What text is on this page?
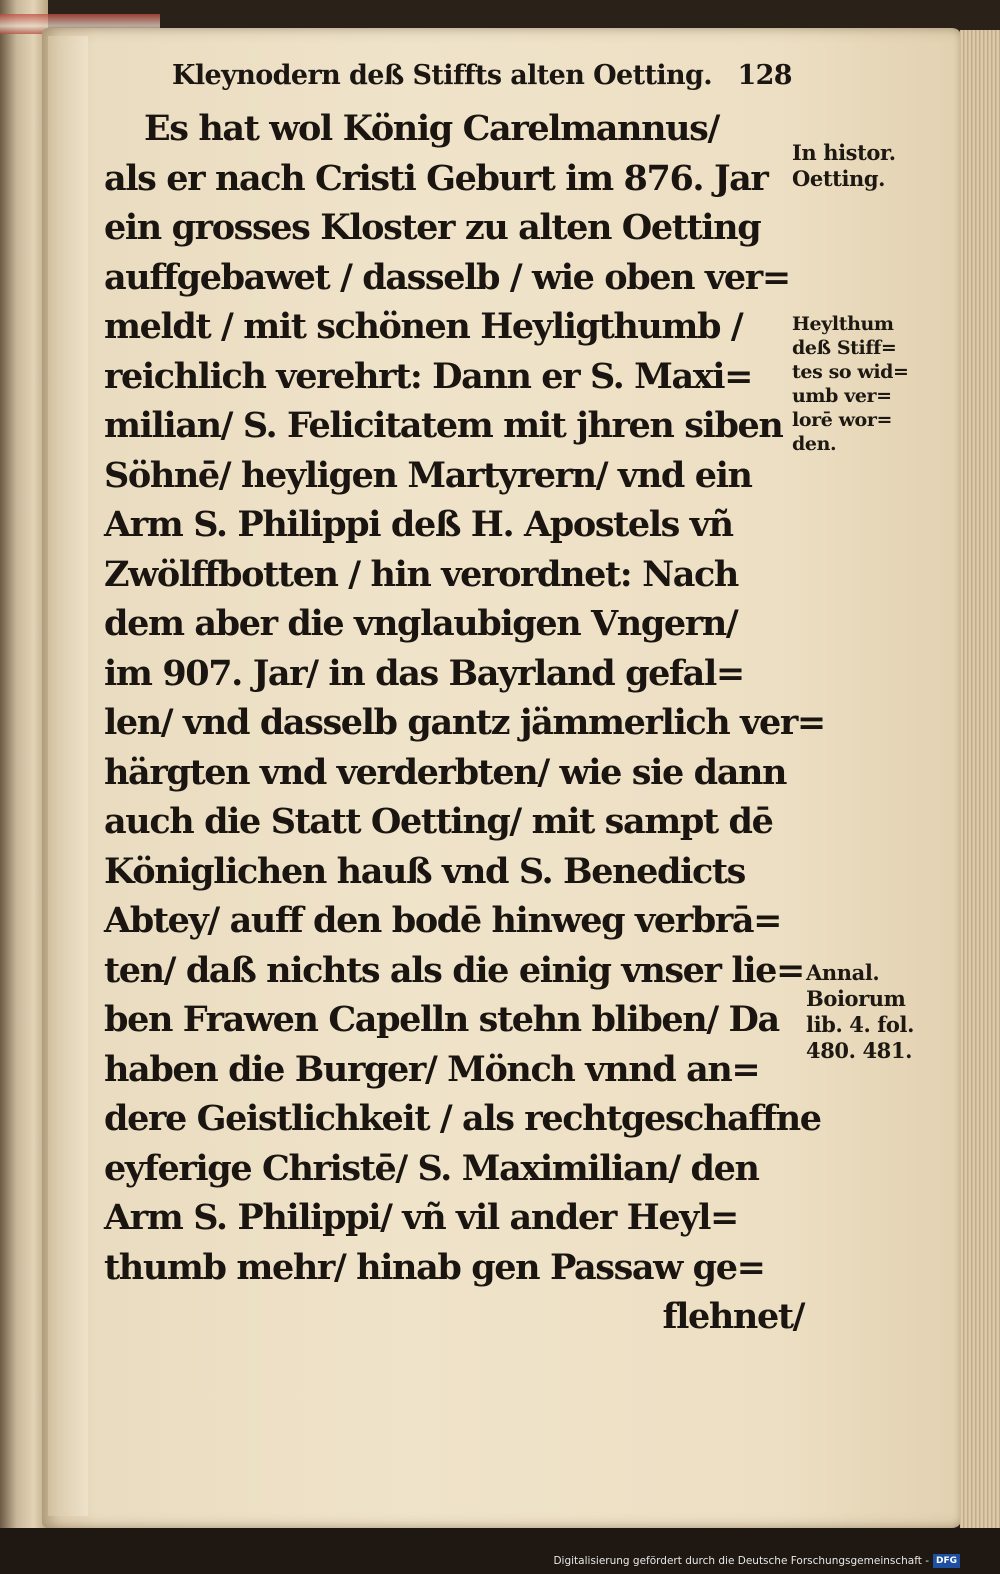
Kleynodern deß Stiffts alten Oetting. 128
Es hat wol König Carelmannus/
als er nach Cristi Geburt im 876. Jar
ein grosses Kloster zu alten Oetting
auffgebawet / dasselb / wie oben ver=
meldt / mit schönen Heyligthumb /
reichlich verehrt: Dann er S. Maxi=
milian/ S. Felicitatem mit jhren siben
Söhnē/ heyligen Martyrern/ vnd ein
Arm S. Philippi deß H. Apostels vñ
Zwölffbotten / hin verordnet: Nach
dem aber die vnglaubigen Vngern/
im 907. Jar/ in das Bayrland gefal=
len/ vnd dasselb gantz jämmerlich ver=
härgten vnd verderbten/ wie sie dann
auch die Statt Oetting/ mit sampt dē
Königlichen hauß vnd S. Benedicts
Abtey/ auff den bodē hinweg verbrā=
ten/ daß nichts als die einig vnser lie=
ben Frawen Capelln stehn bliben/ Da
haben die Burger/ Mönch vnnd an=
dere Geistlichkeit / als rechtgeschaffne
eyferige Christē/ S. Maximilian/ den
Arm S. Philippi/ vñ vil ander Heyl=
thumb mehr/ hinab gen Passaw ge=
flehnet/
In histor.
Oetting.
Heylthum
deß Stiff=
tes so wid=
umb ver=
lorē wor=
den.
Annal.
Boiorum
lib. 4. fol.
480. 481.
Digitalisierung gefördert durch die Deutsche Forschungsgemeinschaft - DFG
